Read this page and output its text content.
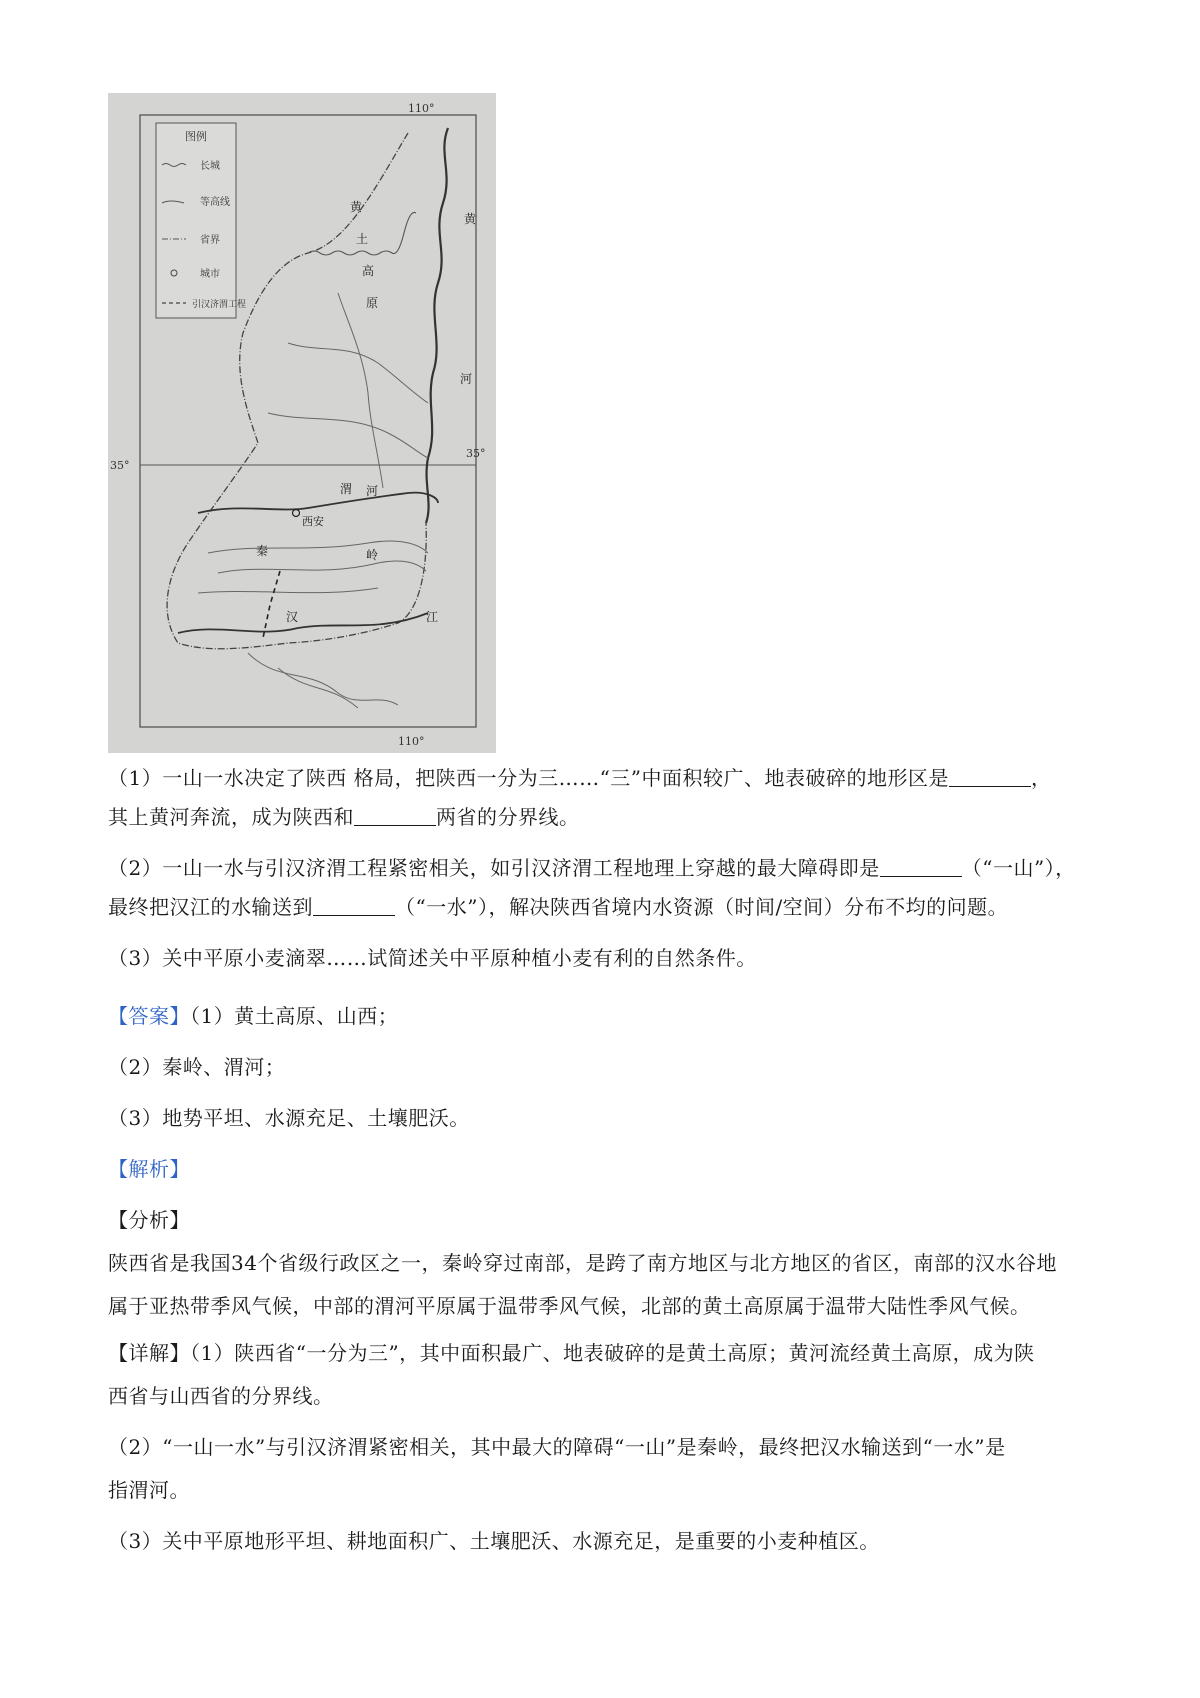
图例
长城
等高线
省界
城市
引汉济渭工程
110°
110°
35°
35°
黄
土
高
原
黄
河
渭 河
西安
秦	岭
汉	江

（1）一山一水决定了陕西 格局，把陕西一分为三……“三”中面积较广、地表破碎的地形区是	，

其上黄河奔流，成为陕西和	两省的分界线。

（2）一山一水与引汉济渭工程紧密相关，如引汉济渭工程地理上穿越的最大障碍即是	（“一山”），

最终把汉江的水输送到	（“一水”），解决陕西省境内水资源（时间/空间）分布不均的问题。

（3）关中平原小麦滴翠……试简述关中平原种植小麦有利的自然条件。

【答案】（1）黄土高原、山西；

（2）秦岭、渭河；

（3）地势平坦、水源充足、土壤肥沃。

【解析】

【分析】

陕西省是我国34个省级行政区之一，秦岭穿过南部，是跨了南方地区与北方地区的省区，南部的汉水谷地

属于亚热带季风气候，中部的渭河平原属于温带季风气候，北部的黄土高原属于温带大陆性季风气候。

【详解】（1）陕西省“一分为三”，其中面积最广、地表破碎的是黄土高原；黄河流经黄土高原，成为陕

西省与山西省的分界线。

（2）“一山一水”与引汉济渭紧密相关，其中最大的障碍“一山”是秦岭，最终把汉水输送到“一水”是

指渭河。

（3）关中平原地形平坦、耕地面积广、土壤肥沃、水源充足，是重要的小麦种植区。
